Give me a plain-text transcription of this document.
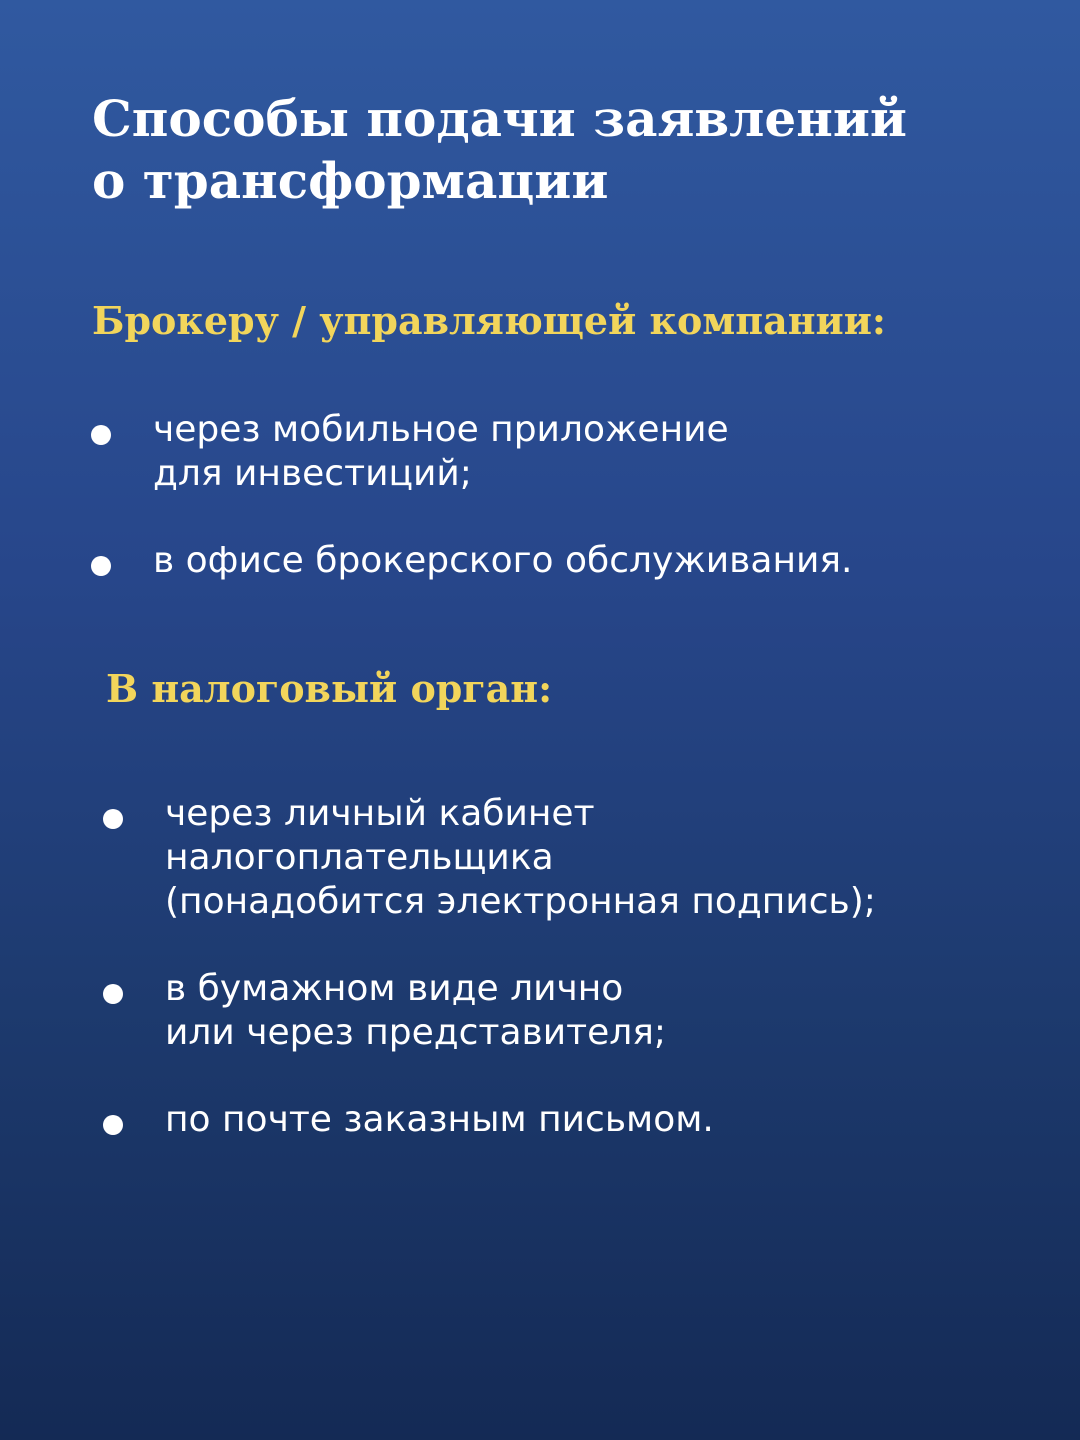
Способы подачи заявлений
о трансформации
Брокеру / управляющей компании:

через мобильное приложение
для инвестиций;

в офисе брокерского обслуживания.

В налоговый орган:

через личный кабинет
налогоплательщика
(понадобится электронная подпись);

в бумажном виде лично
или через представителя;

по почте заказным письмом.
